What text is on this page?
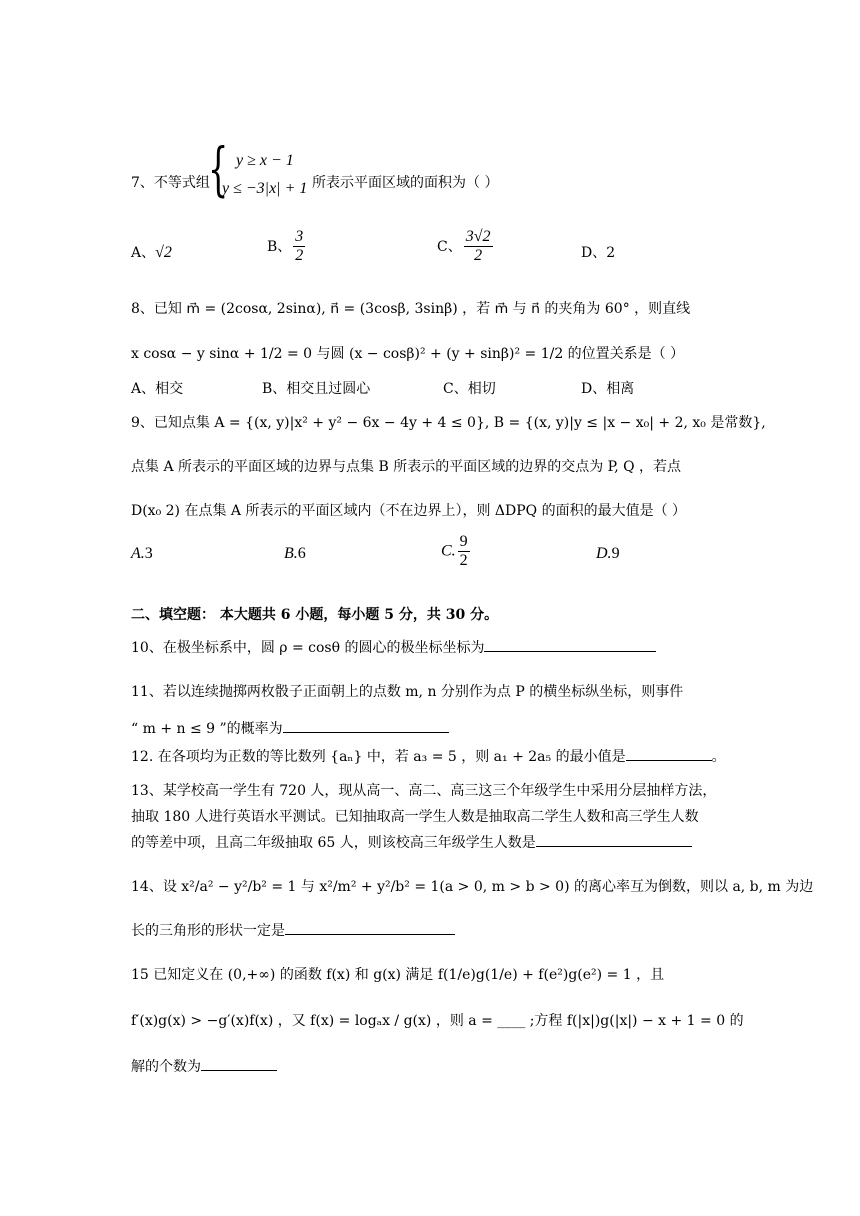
7、不等式组
{ y ≥ x − 1
y ≤ −3|x| + 1 所表示平面区域的面积为（ ）
A、√2	B、 $\frac{3}{2}$	C、 $\frac{3√2}{2}$	D、2
8、已知 m⃗ = (2cosα, 2sinα), n⃗ = (3cosβ, 3sinβ) ，若 m⃗ 与 n⃗ 的夹角为 60° ，则直线
x cosα − y sinα + 1/2 = 0 与圆 (x − cosβ)² + (y + sinβ)² = 1/2 的位置关系是（ ）
A、相交	B、相交且过圆心	C、相切	D、相离
9、已知点集 A = {(x, y)|x² + y² − 6x − 4y + 4 ≤ 0}, B = {(x, y)|y ≤ |x − x₀| + 2, x₀ 是常数},
点集 A 所表示的平面区域的边界与点集 B 所表示的平面区域的边界的交点为 P, Q ，若点
D(x₀ 2) 在点集 A 所表示的平面区域内（不在边界上），则 ΔDPQ 的面积的最大值是（ ）
A.3	B.6	C. $\frac{9}{2}$	D.9
二、填空题： 本大题共 6 小题，每小题 5 分，共 30 分。
10、在极坐标系中，圆 ρ = cosθ 的圆心的极坐标坐标为
11、若以连续抛掷两枚骰子正面朝上的点数 m, n 分别作为点 P 的横坐标纵坐标，则事件
“ m + n ≤ 9 ”的概率为
12. 在各项均为正数的等比数列 {aₙ} 中，若 a₃ = 5 ，则 a₁ + 2a₅ 的最小值是	。
13、某学校高一学生有 720 人，现从高一、高二、高三这三个年级学生中采用分层抽样方法，
抽取 180 人进行英语水平测试。已知抽取高一学生人数是抽取高二学生人数和高三学生人数
的等差中项，且高二年级抽取 65 人，则该校高三年级学生人数是
14、设 x²/a² − y²/b² = 1 与 x²/m² + y²/b² = 1(a > 0, m > b > 0) 的离心率互为倒数，则以 a, b, m 为边
长的三角形的形状一定是
15 已知定义在 (0,+∞) 的函数 f(x) 和 g(x) 满足 f(1/e)g(1/e) + f(e²)g(e²) = 1 ，且
f′(x)g(x) > −g′(x)f(x) ，又 f(x) = logₐx / g(x) ，则 a = ____ ;方程 f(|x|)g(|x|) − x + 1 = 0 的
解的个数为
